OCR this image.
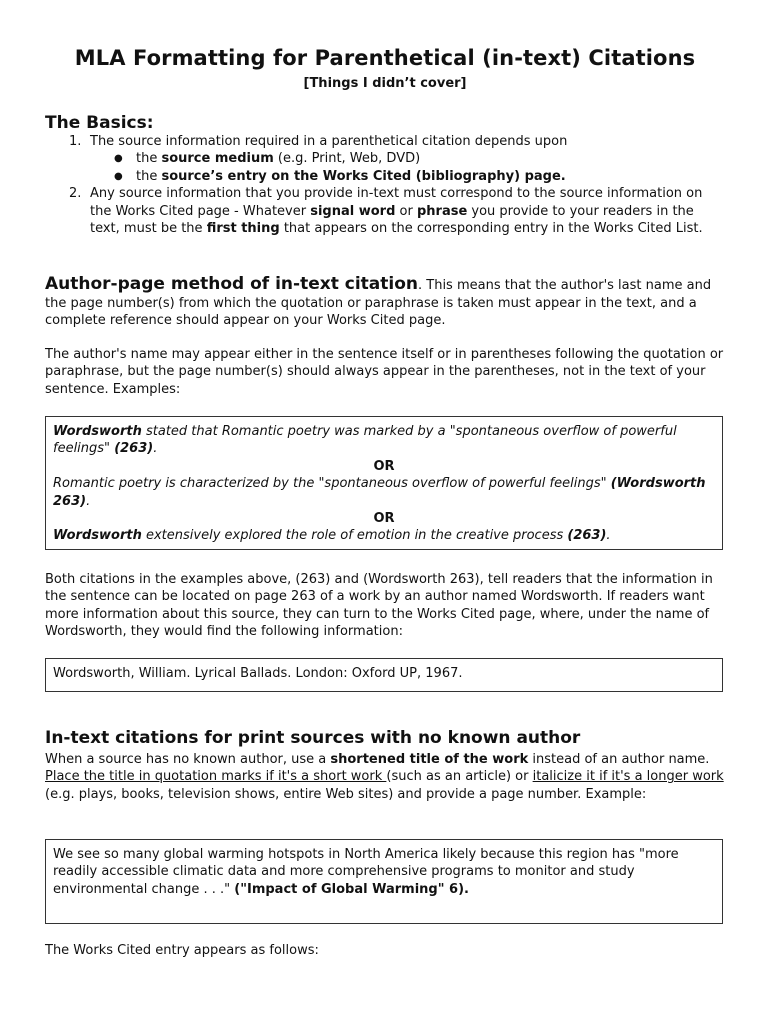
MLA Formatting for Parenthetical (in-text) Citations
[Things I didn’t cover]
The Basics:
1. The source information required in a parenthetical citation depends upon
● the source medium (e.g. Print, Web, DVD)
● the source’s entry on the Works Cited (bibliography) page.
2. Any source information that you provide in-text must correspond to the source information on the Works Cited page - Whatever signal word or phrase you provide to your readers in the text, must be the first thing that appears on the corresponding entry in the Works Cited List.
Author-page method of in-text citation. This means that the author's last name and the page number(s) from which the quotation or paraphrase is taken must appear in the text, and a complete reference should appear on your Works Cited page.
The author's name may appear either in the sentence itself or in parentheses following the quotation or paraphrase, but the page number(s) should always appear in the parentheses, not in the text of your sentence. Examples:
Wordsworth stated that Romantic poetry was marked by a "spontaneous overflow of powerful feelings" (263).
OR
Romantic poetry is characterized by the "spontaneous overflow of powerful feelings" (Wordsworth 263).
OR
Wordsworth extensively explored the role of emotion in the creative process (263).
Both citations in the examples above, (263) and (Wordsworth 263), tell readers that the information in the sentence can be located on page 263 of a work by an author named Wordsworth. If readers want more information about this source, they can turn to the Works Cited page, where, under the name of Wordsworth, they would find the following information:
Wordsworth, William. Lyrical Ballads. London: Oxford UP, 1967.
In-text citations for print sources with no known author
When a source has no known author, use a shortened title of the work instead of an author name. Place the title in quotation marks if it's a short work (such as an article) or italicize it if it's a longer work (e.g. plays, books, television shows, entire Web sites) and provide a page number. Example:
We see so many global warming hotspots in North America likely because this region has "more readily accessible climatic data and more comprehensive programs to monitor and study environmental change . . ." ("Impact of Global Warming" 6).
The Works Cited entry appears as follows:
